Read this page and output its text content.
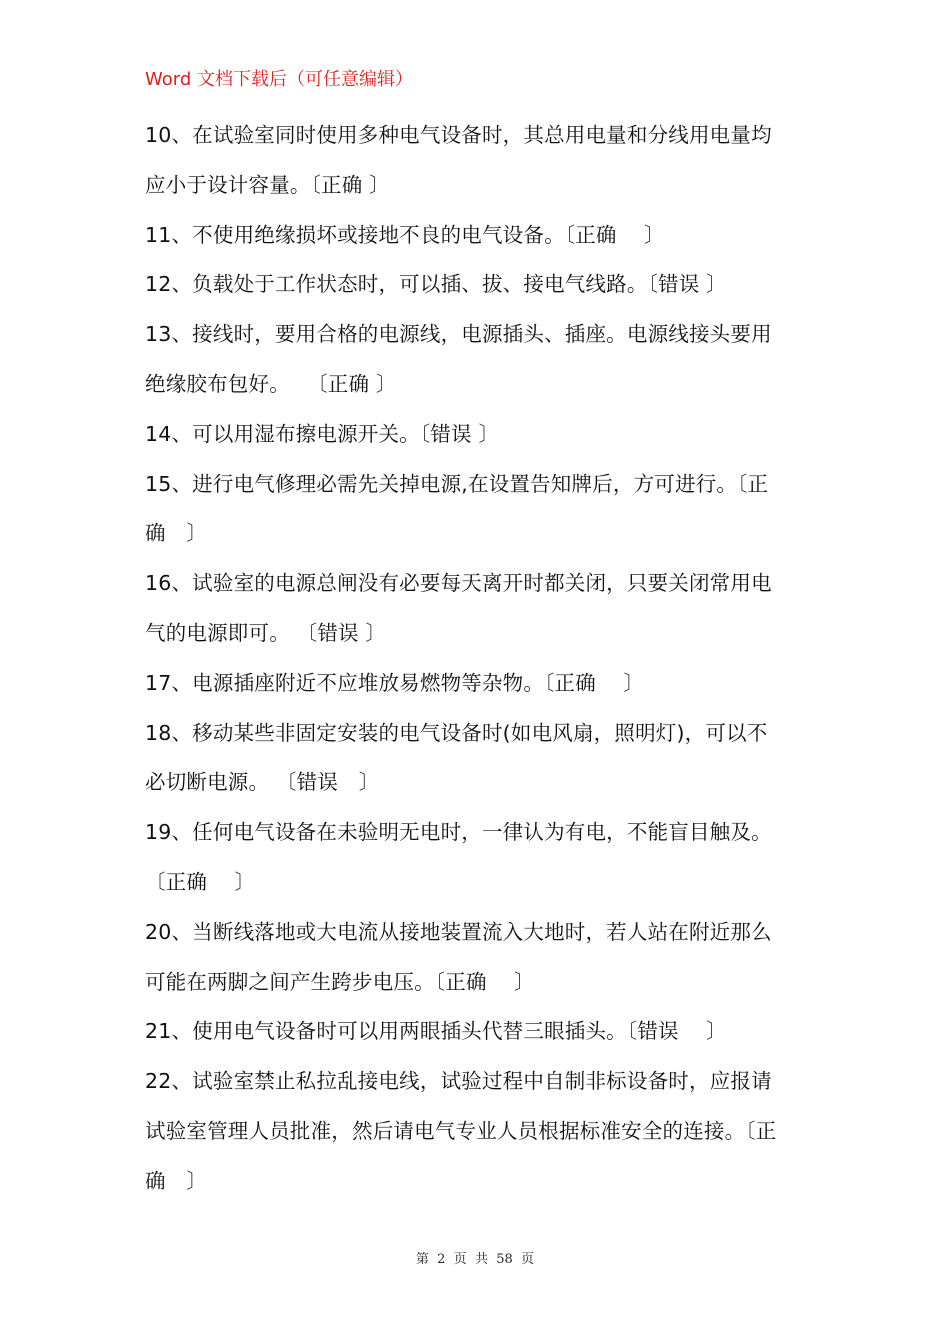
Word 文档下载后（可任意编辑）
10、在试验室同时使用多种电气设备时，其总用电量和分线用电量均
应小于设计容量。〔正确 〕
11、不使用绝缘损坏或接地不良的电气设备。〔正确　 〕
12、负载处于工作状态时，可以插、拔、接电气线路。〔错误 〕
13、接线时，要用合格的电源线，电源插头、插座。电源线接头要用
绝缘胶布包好。　 〔正确 〕
14、可以用湿布擦电源开关。〔错误 〕
15、进行电气修理必需先关掉电源,在设置告知牌后，方可进行。〔正
确　〕
16、试验室的电源总闸没有必要每天离开时都关闭，只要关闭常用电
气的电源即可。 〔错误 〕
17、电源插座附近不应堆放易燃物等杂物。〔正确　 〕
18、移动某些非固定安装的电气设备时(如电风扇，照明灯)，可以不
必切断电源。 〔错误　〕
19、任何电气设备在未验明无电时，一律认为有电，不能盲目触及。
〔正确　 〕
20、当断线落地或大电流从接地装置流入大地时，若人站在附近那么
可能在两脚之间产生跨步电压。〔正确　 〕
21、使用电气设备时可以用两眼插头代替三眼插头。〔错误　 〕
22、试验室禁止私拉乱接电线，试验过程中自制非标设备时，应报请
试验室管理人员批准，然后请电气专业人员根据标准安全的连接。〔正
确　〕
第  2  页  共  58  页
